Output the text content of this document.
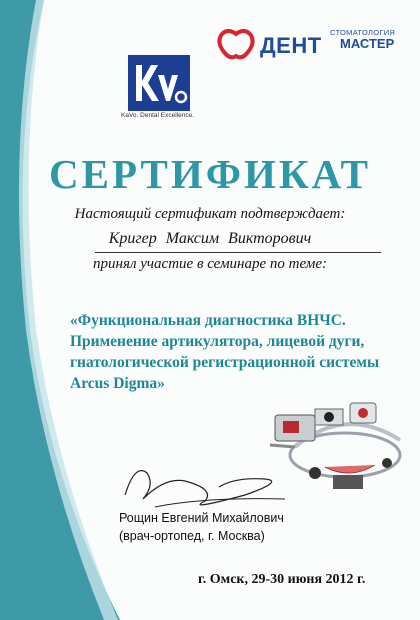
KaVo. Dental Excellence.
СТОМАТОЛОГИЯ
ДЕНТ МАСТЕР
СЕРТИФИКАТ
Настоящий сертификат подтверждает:
Кригер Максим Викторович
принял участие в семинаре по теме:
«Функциональная диагностика ВНЧС. Применение артикулятора, лицевой дуги, гнатологической регистрационной системы Arcus Digma»
Рощин Евгений Михайлович
(врач-ортопед, г. Москва)
г. Омск, 29-30 июня 2012 г.
